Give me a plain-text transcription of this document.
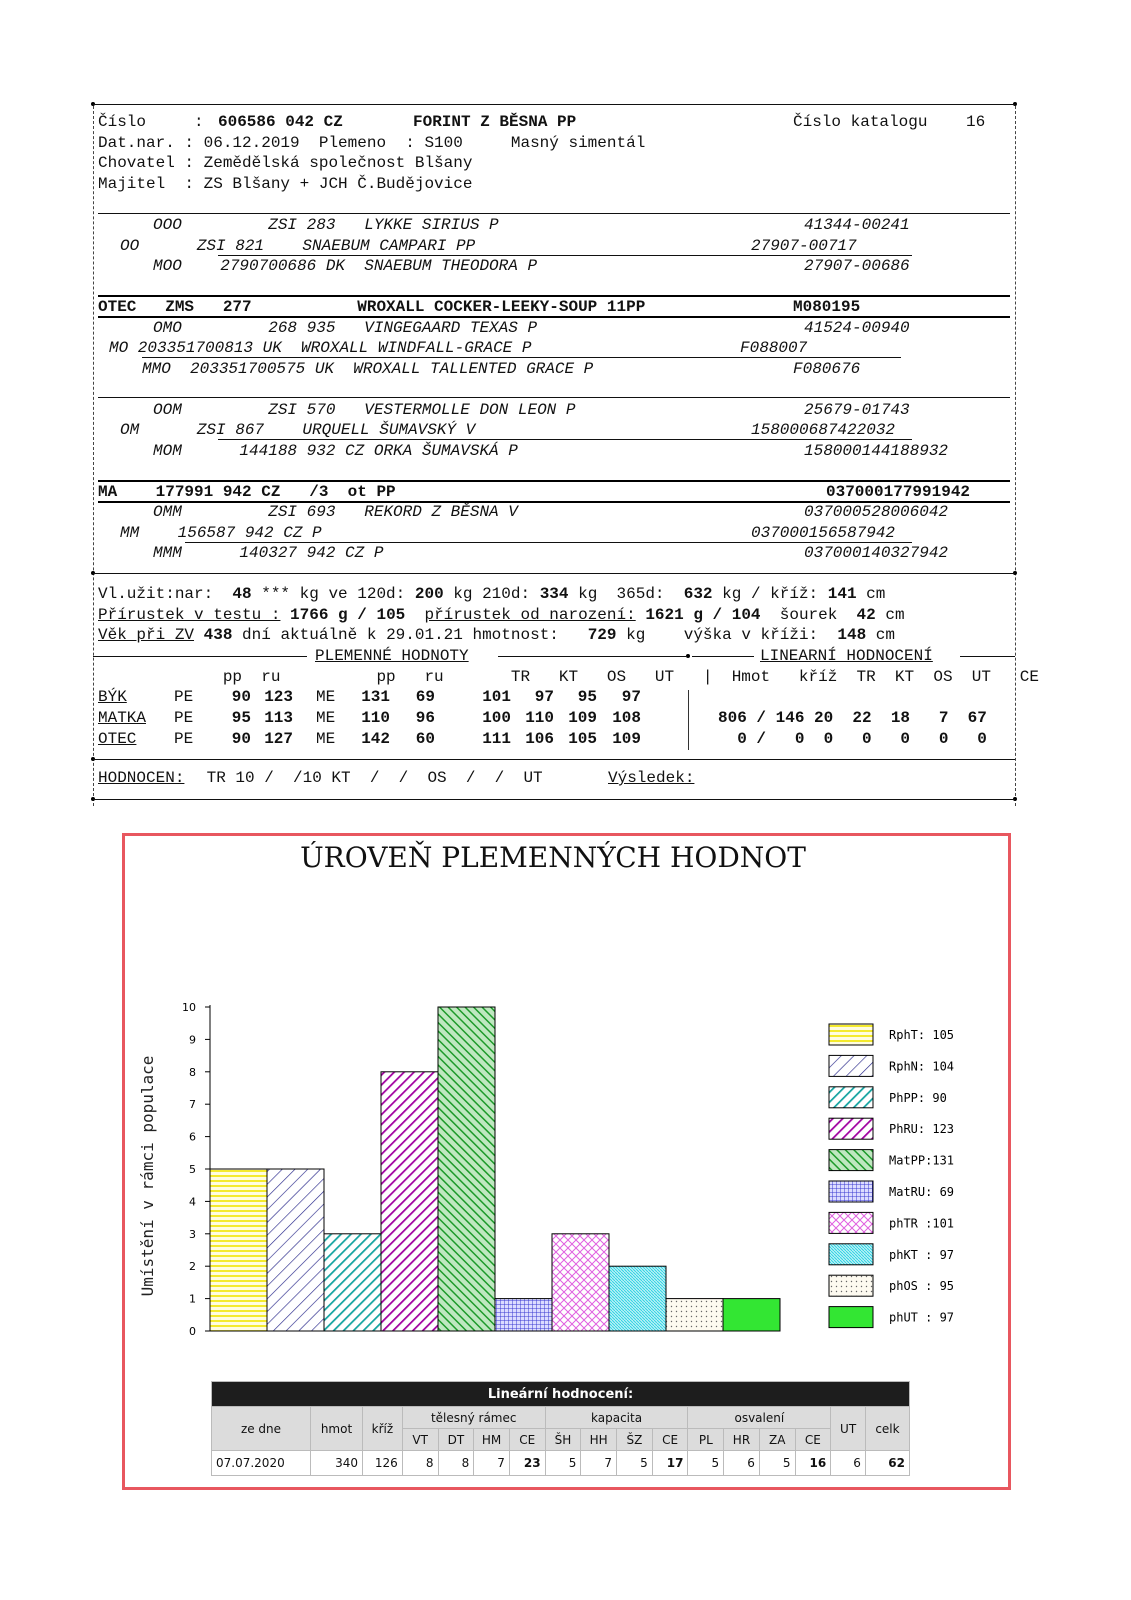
Číslo     : 606586 042 CZ	FORINT Z BĚSNA PP	Číslo katalogu 16
Dat.nar. : 06.12.2019  Plemeno  : S100     Masný simentál
Chovatel : Zemědělská společnost Blšany
Majitel  : ZS Blšany + JCH Č.Budějovice
OOO         ZSI 283   LYKKE SIRIUS P	41344-00241
OO      ZSI 821    SNAEBUM CAMPARI PP	27907-00717
MOO    2790700686 DK  SNAEBUM THEODORA P	27907-00686
OTEC   ZMS   277           WROXALL COCKER-LEEKY-SOUP 11PP	M080195
OMO         268 935   VINGEGAARD TEXAS P	41524-00940
MO 203351700813 UK  WROXALL WINDFALL-GRACE P	F088007
MMO  203351700575 UK  WROXALL TALLENTED GRACE P	F080676
OOM         ZSI 570   VESTERMOLLE DON LEON P	25679-01743
OM      ZSI 867    URQUELL ŠUMAVSKÝ V	158000687422032
MOM      144188 932 CZ ORKA ŠUMAVSKÁ P	158000144188932
MA    177991 942 CZ   /3  ot PP	037000177991942
OMM         ZSI 693   REKORD Z BĚSNA V	037000528006042
MM    156587 942 CZ P	037000156587942
MMM      140327 942 CZ P	037000140327942
Vl.užit:nar:  48 *** kg ve 120d: 200 kg 210d: 334 kg  365d:  632 kg / kříž: 141 cm
Přírustek v testu : 1766 g / 105 přírustek od narození: 1621 g / 104  šourek  42 cm
Věk při ZV 438 dní aktuálně k 29.01.21 hmotnost:   729 kg    výška v kříži:  148 cm
PLEMENNÉ HODNOTY	LINEARNÍ HODNOCENÍ
pp  ru          pp   ru       TR   KT   OS   UT   |  Hmot   kříž  TR  KT  OS  UT   CE
BÝK	PE 90 123 ME 131 69	101 97 95 97
MATKA PE 95 113 ME 110 96	100 110 109 108	806 / 146 20  22  18   7  67
OTEC PE 90 127 ME 142 60	111 106 105 109	0 /   0  0   0   0   0   0
HODNOCEN: TR 10 /  /10 KT  /  /  OS  /  /  UT	Výsledek:
ÚROVEŇ PLEMENNÝCH HODNOT
Umístění v rámci populace
0
1
2
3
4
5
6
7
8
9
10
RphT: 105
RphN: 104
PhPP: 90
PhRU: 123
MatPP:131
MatRU: 69
phTR :101
phKT : 97
phOS : 95
phUT : 97
Lineární hodnocení:																
ze dne	hmot	kříž	tělesný rámec				kapacita				osvalení				UT	celk
			VT	DT	HM	CE	ŠH	HH	ŠZ	CE	PL	HR	ZA	CE		
07.07.2020	340	126	8	8	7	23	5	7	5	17	5	6	5	16	6	62
